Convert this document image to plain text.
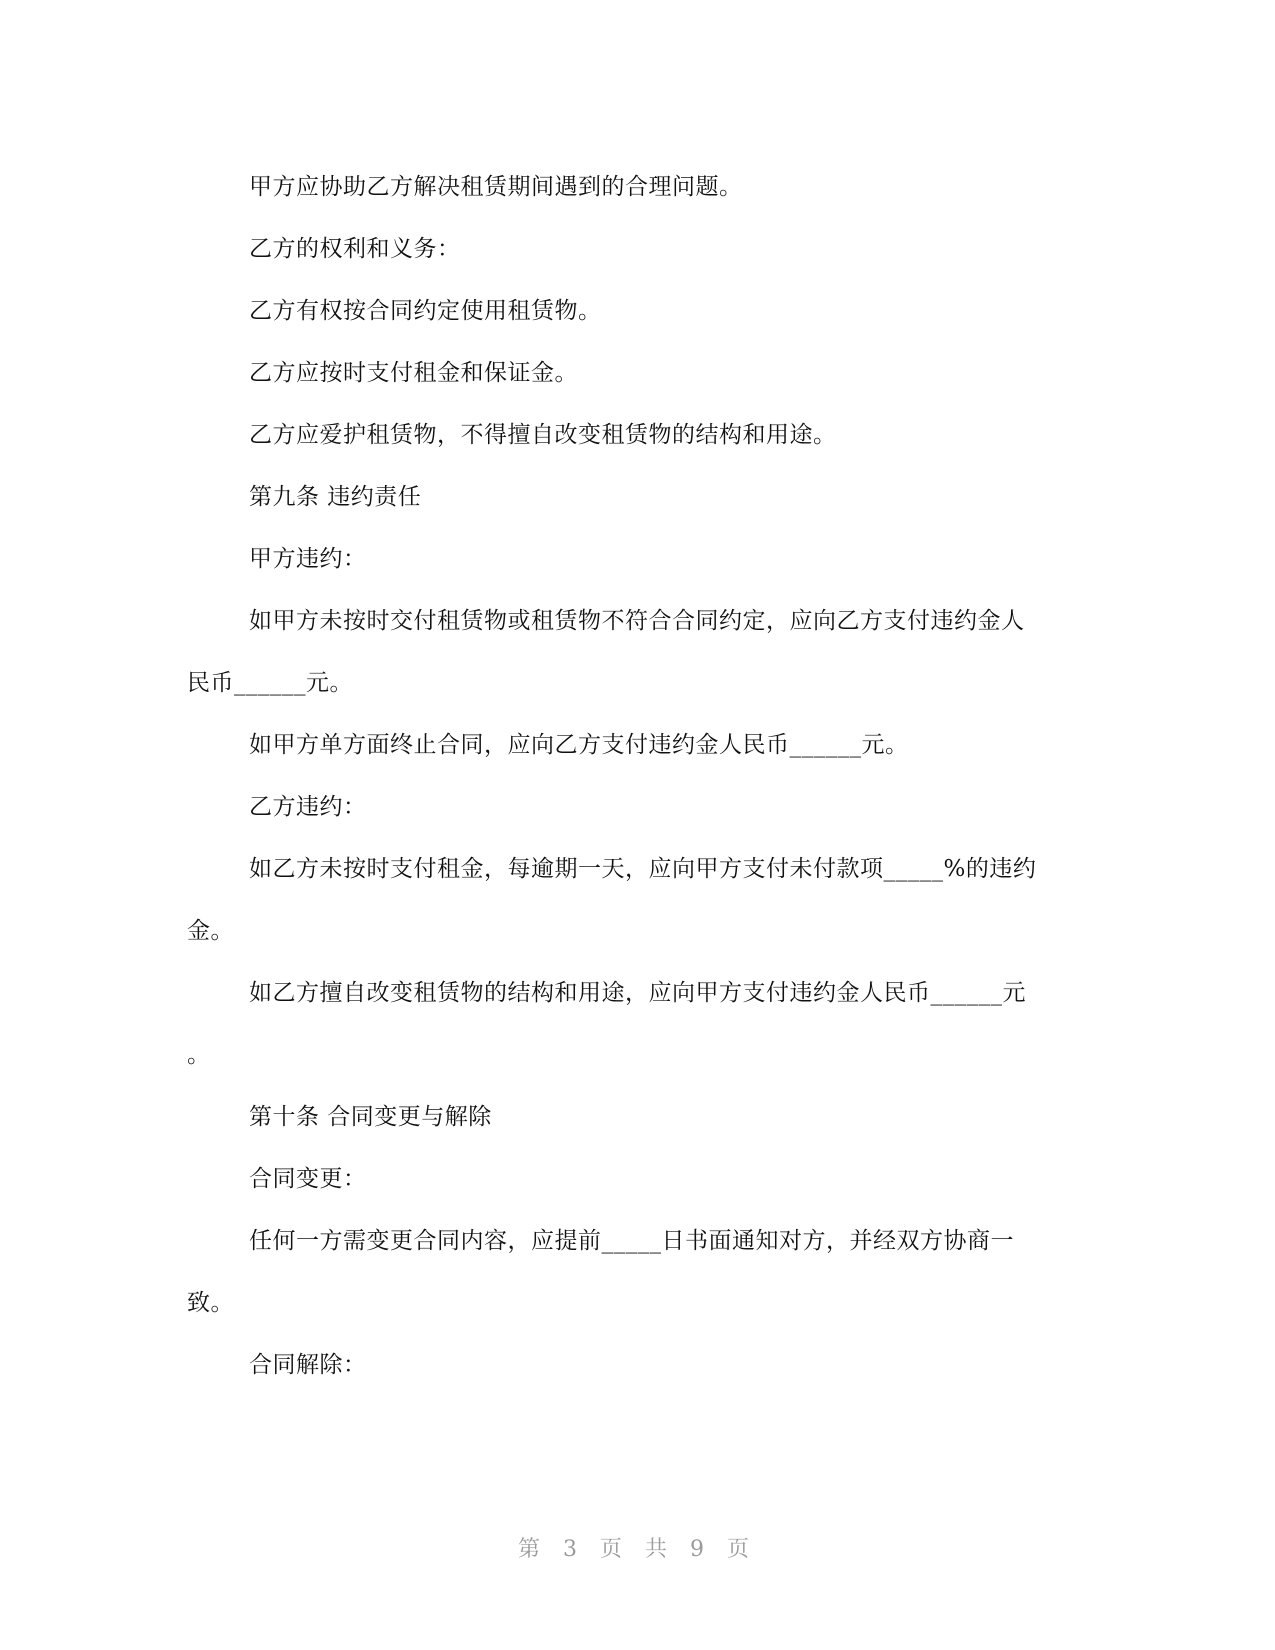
甲方应协助乙方解决租赁期间遇到的合理问题。
乙方的权利和义务：
乙方有权按合同约定使用租赁物。
乙方应按时支付租金和保证金。
乙方应爱护租赁物，不得擅自改变租赁物的结构和用途。
第九条 违约责任
甲方违约：
如甲方未按时交付租赁物或租赁物不符合合同约定，应向乙方支付违约金人
民币______元。
如甲方单方面终止合同，应向乙方支付违约金人民币______元。
乙方违约：
如乙方未按时支付租金，每逾期一天，应向甲方支付未付款项_____%的违约
金。
如乙方擅自改变租赁物的结构和用途，应向甲方支付违约金人民币______元
。
第十条 合同变更与解除
合同变更：
任何一方需变更合同内容，应提前_____日书面通知对方，并经双方协商一
致。
合同解除：
第 3 页 共 9 页
